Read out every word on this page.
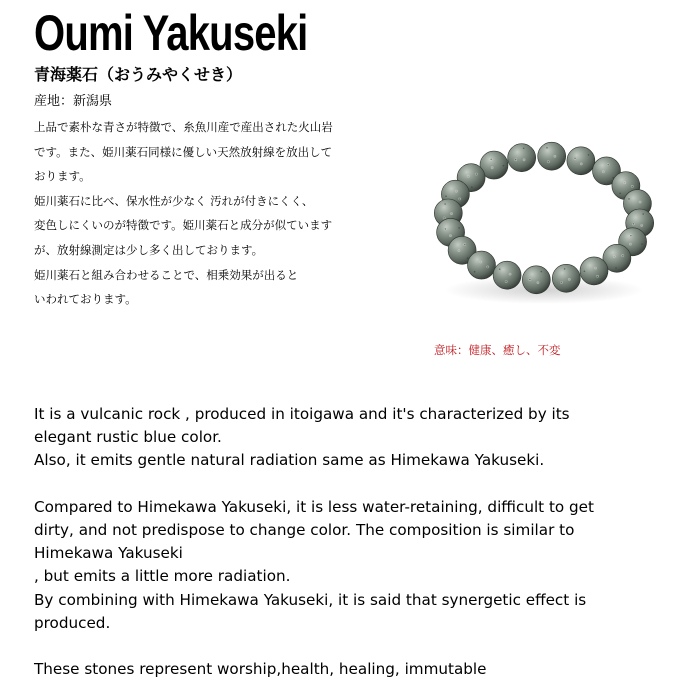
Oumi Yakuseki
青海薬石（おうみやくせき）
産地：新潟県
上品で素朴な青さが特徴で、糸魚川産で産出された火山岩
です。また、姫川薬石同様に優しい天然放射線を放出して
おります。
姫川薬石に比べ、保水性が少なく 汚れが付きにくく、
変色しにくいのが特徴です。姫川薬石と成分が似ています
が、放射線測定は少し多く出しております。
姫川薬石と組み合わせることで、相乗効果が出ると
いわれております。
意味：健康、癒し、不変
It is a vulcanic rock , produced in itoigawa and it's characterized by its
elegant rustic blue color.
Also, it emits gentle natural radiation same as Himekawa Yakuseki.
Compared to Himekawa Yakuseki, it is less water-retaining, difficult to get
dirty, and not predispose to change color. The composition is similar to
Himekawa Yakuseki
, but emits a little more radiation.
By combining with Himekawa Yakuseki, it is said that synergetic effect is
produced.
These stones represent worship,health, healing, immutable
